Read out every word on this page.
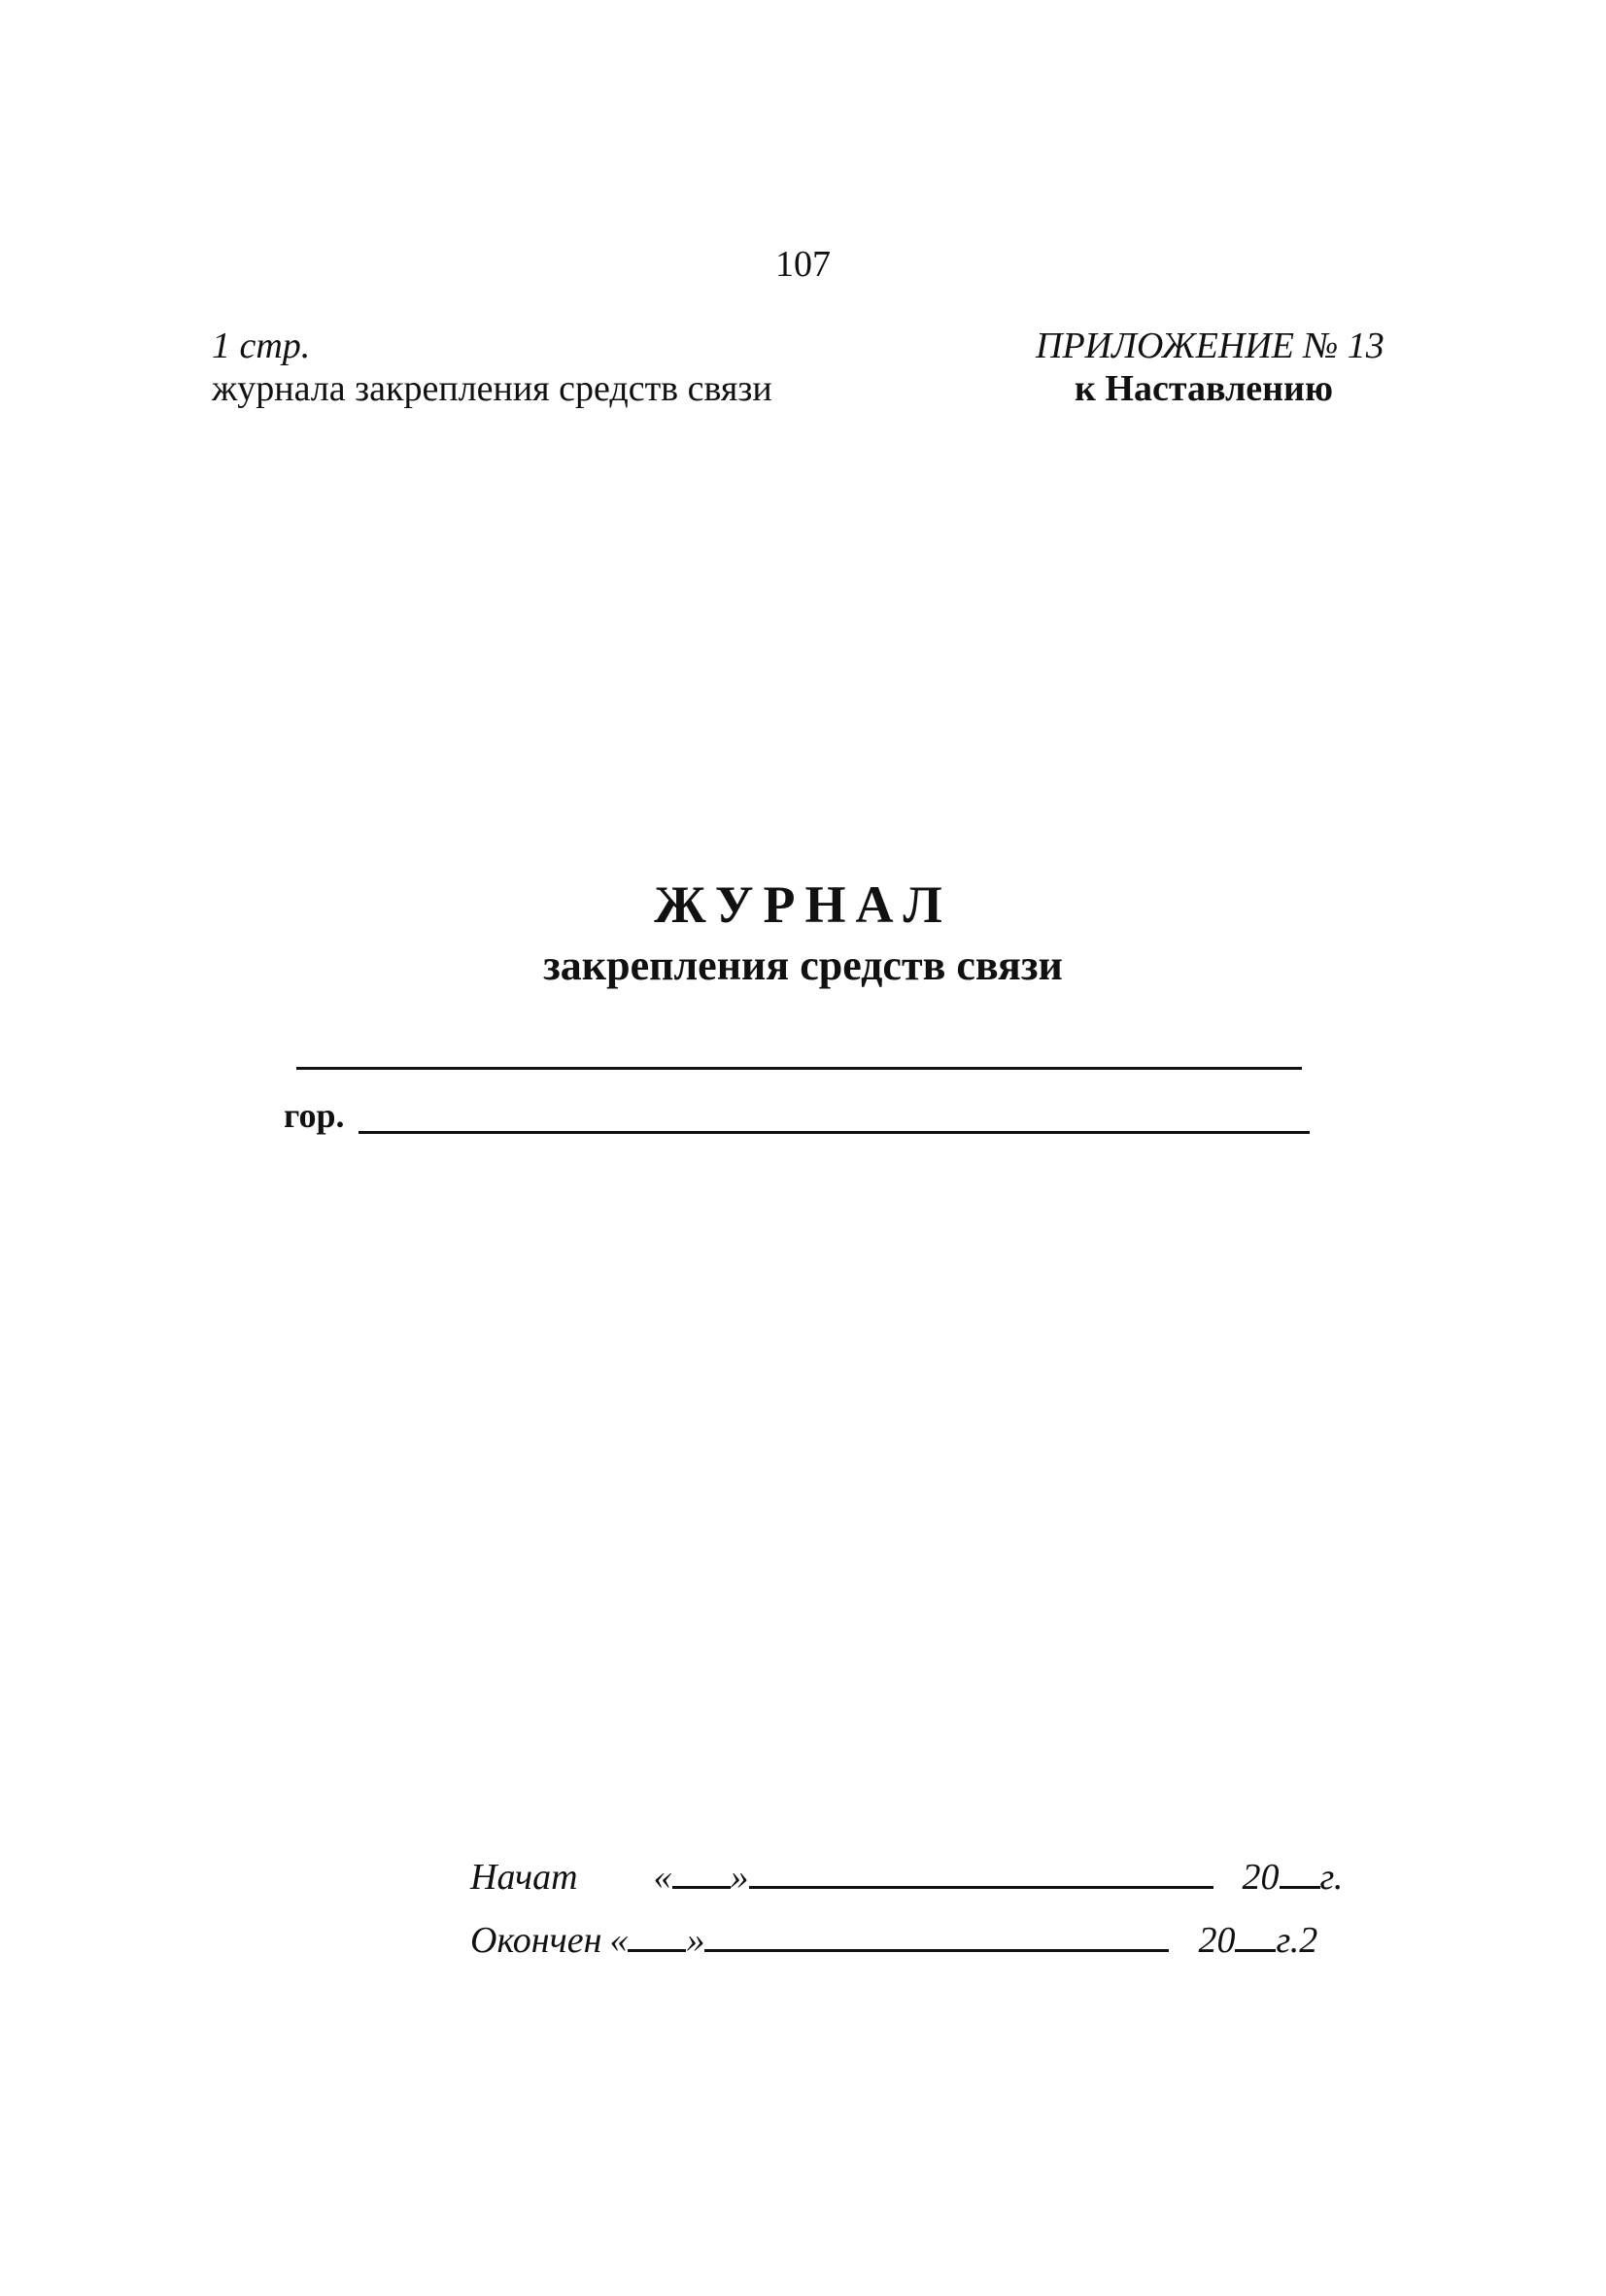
107
1 стр.
журнала закрепления средств связи
ПРИЛОЖЕНИЕ № 13
к Наставлению
ЖУРНАЛ
закрепления средств связи
гор.
Начат « »	20 г.
Окончен « »	20 г.2
